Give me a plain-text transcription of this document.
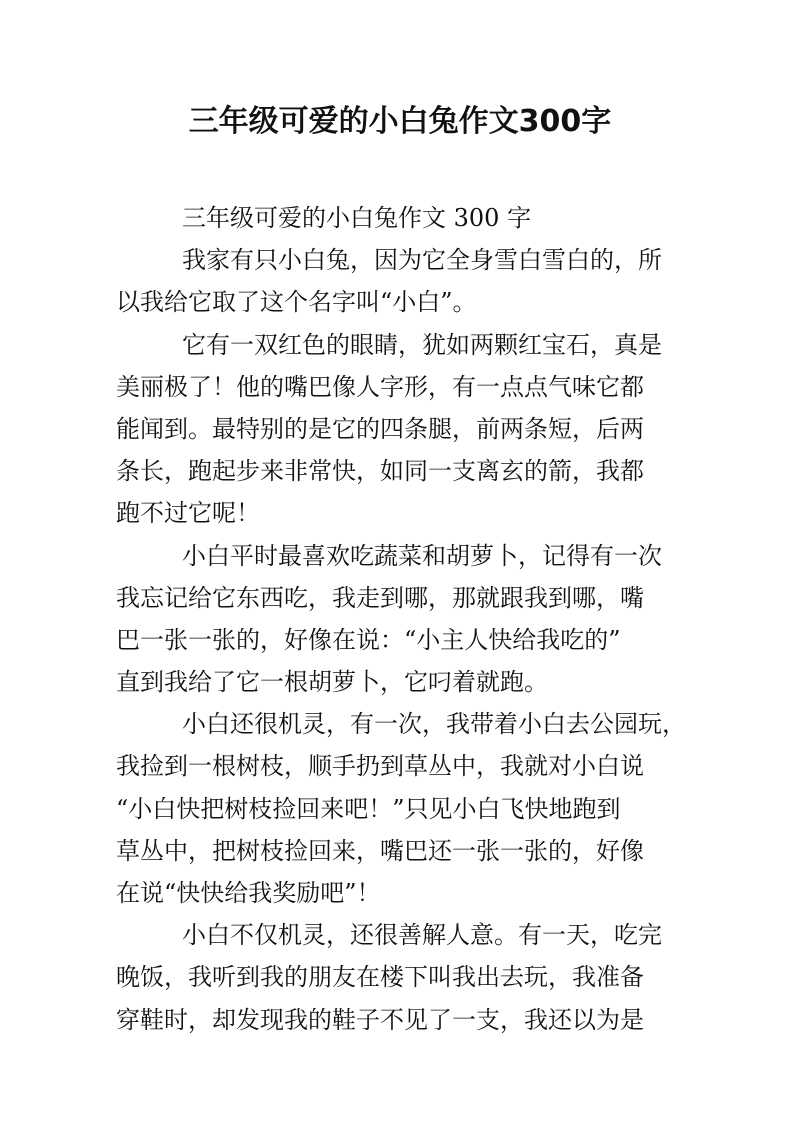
三年级可爱的小白兔作文300字
三年级可爱的小白兔作文 300 字
我家有只小白兔，因为它全身雪白雪白的，所
以我给它取了这个名字叫“小白”。
它有一双红色的眼睛，犹如两颗红宝石，真是
美丽极了！他的嘴巴像人字形，有一点点气味它都
能闻到。最特别的是它的四条腿，前两条短，后两
条长，跑起步来非常快，如同一支离玄的箭，我都
跑不过它呢！
小白平时最喜欢吃蔬菜和胡萝卜，记得有一次
我忘记给它东西吃，我走到哪，那就跟我到哪，嘴
巴一张一张的，好像在说：“小主人快给我吃的”
直到我给了它一根胡萝卜，它叼着就跑。
小白还很机灵，有一次，我带着小白去公园玩，
我捡到一根树枝，顺手扔到草丛中，我就对小白说
“小白快把树枝捡回来吧！”只见小白飞快地跑到
草丛中，把树枝捡回来，嘴巴还一张一张的，好像
在说“快快给我奖励吧”！
小白不仅机灵，还很善解人意。有一天，吃完
晚饭，我听到我的朋友在楼下叫我出去玩，我准备
穿鞋时，却发现我的鞋子不见了一支，我还以为是
